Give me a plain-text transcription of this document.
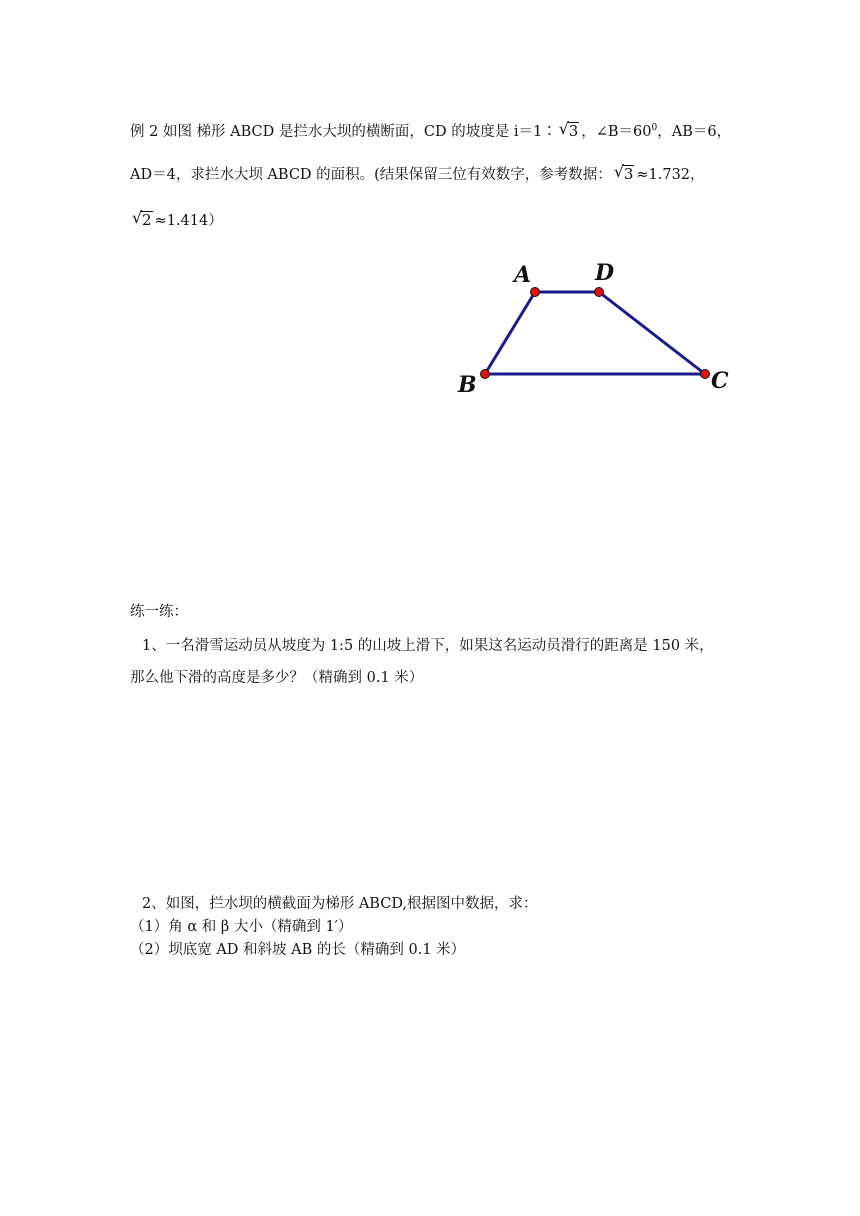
例 2 如图 梯形 ABCD 是拦水大坝的横断面，CD 的坡度是 i＝1∶ √ 3 ，$\angle B=60^0$，AB＝6，
AD＝4，求拦水大坝 ABCD 的面积。(结果保留三位有效数字，参考数据： √ 3 ≈1.732，
√ 2 ≈1.414）
A	D
B	C
练一练：
1、一名滑雪运动员从坡度为 1:5 的山坡上滑下，如果这名运动员滑行的距离是 150 米，
那么他下滑的高度是多少？（精确到 0.1 米）
2、如图，拦水坝的横截面为梯形 ABCD,根据图中数据，求：
（1）角 α 和 β 大小（精确到 1′）
（2）坝底宽 AD 和斜坡 AB 的长（精确到 0.1 米）
